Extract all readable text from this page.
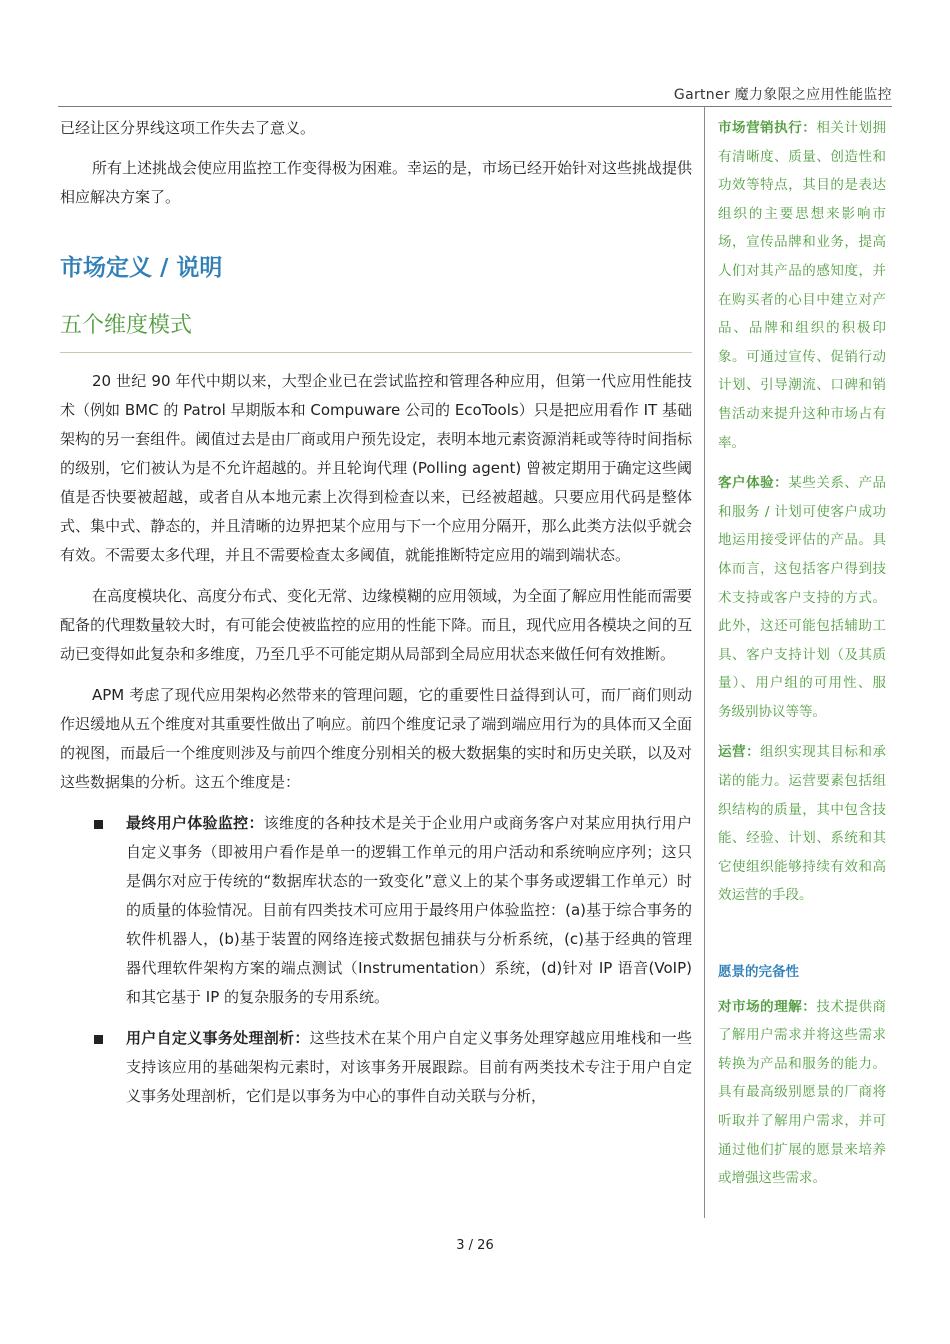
Gartner 魔力象限之应用性能监控

已经让区分界线这项工作失去了意义。

所有上述挑战会使应用监控工作变得极为困难。幸运的是，市场已经开始针对这些挑战提供相应解决方案了。

市场定义 / 说明
五个维度模式

20 世纪 90 年代中期以来，大型企业已在尝试监控和管理各种应用，但第一代应用性能技术（例如 BMC 的 Patrol 早期版本和 Compuware 公司的 EcoTools）只是把应用看作 IT 基础架构的另一套组件。阈值过去是由厂商或用户预先设定，表明本地元素资源消耗或等待时间指标的级别，它们被认为是不允许超越的。并且轮询代理 (Polling agent) 曾被定期用于确定这些阈值是否快要被超越，或者自从本地元素上次得到检查以来，已经被超越。只要应用代码是整体式、集中式、静态的，并且清晰的边界把某个应用与下一个应用分隔开，那么此类方法似乎就会有效。不需要太多代理，并且不需要检查太多阈值，就能推断特定应用的端到端状态。

在高度模块化、高度分布式、变化无常、边缘模糊的应用领域，为全面了解应用性能而需要配备的代理数量较大时，有可能会使被监控的应用的性能下降。而且，现代应用各模块之间的互动已变得如此复杂和多维度，乃至几乎不可能定期从局部到全局应用状态来做任何有效推断。

APM 考虑了现代应用架构必然带来的管理问题，它的重要性日益得到认可，而厂商们则动作迟缓地从五个维度对其重要性做出了响应。前四个维度记录了端到端应用行为的具体而又全面的视图，而最后一个维度则涉及与前四个维度分别相关的极大数据集的实时和历史关联，以及对这些数据集的分析。这五个维度是：

最终用户体验监控：该维度的各种技术是关于企业用户或商务客户对某应用执行用户自定义事务（即被用户看作是单一的逻辑工作单元的用户活动和系统响应序列；这只是偶尔对应于传统的“数据库状态的一致变化”意义上的某个事务或逻辑工作单元）时的质量的体验情况。目前有四类技术可应用于最终用户体验监控：(a)基于综合事务的软件机器人，(b)基于装置的网络连接式数据包捕获与分析系统，(c)基于经典的管理器代理软件架构方案的端点测试（Instrumentation）系统，(d)针对 IP 语音(VoIP)和其它基于 IP 的复杂服务的专用系统。
用户自定义事务处理剖析：这些技术在某个用户自定义事务处理穿越应用堆栈和一些支持该应用的基础架构元素时，对该事务开展跟踪。目前有两类技术专注于用户自定义事务处理剖析，它们是以事务为中心的事件自动关联与分析，

市场营销执行：相关计划拥有清晰度、质量、创造性和功效等特点，其目的是表达组织的主要思想来影响市场，宣传品牌和业务，提高人们对其产品的感知度，并在购买者的心目中建立对产品、品牌和组织的积极印象。可通过宣传、促销行动计划、引导潮流、口碑和销售活动来提升这种市场占有率。

客户体验：某些关系、产品和服务 / 计划可使客户成功地运用接受评估的产品。具体而言，这包括客户得到技术支持或客户支持的方式。此外，这还可能包括辅助工具、客户支持计划（及其质量）、用户组的可用性、服务级别协议等等。

运营：组织实现其目标和承诺的能力。运营要素包括组织结构的质量，其中包含技能、经验、计划、系统和其它使组织能够持续有效和高效运营的手段。

愿景的完备性

对市场的理解：技术提供商了解用户需求并将这些需求转换为产品和服务的能力。具有最高级别愿景的厂商将听取并了解用户需求，并可通过他们扩展的愿景来培养或增强这些需求。

3 / 26
